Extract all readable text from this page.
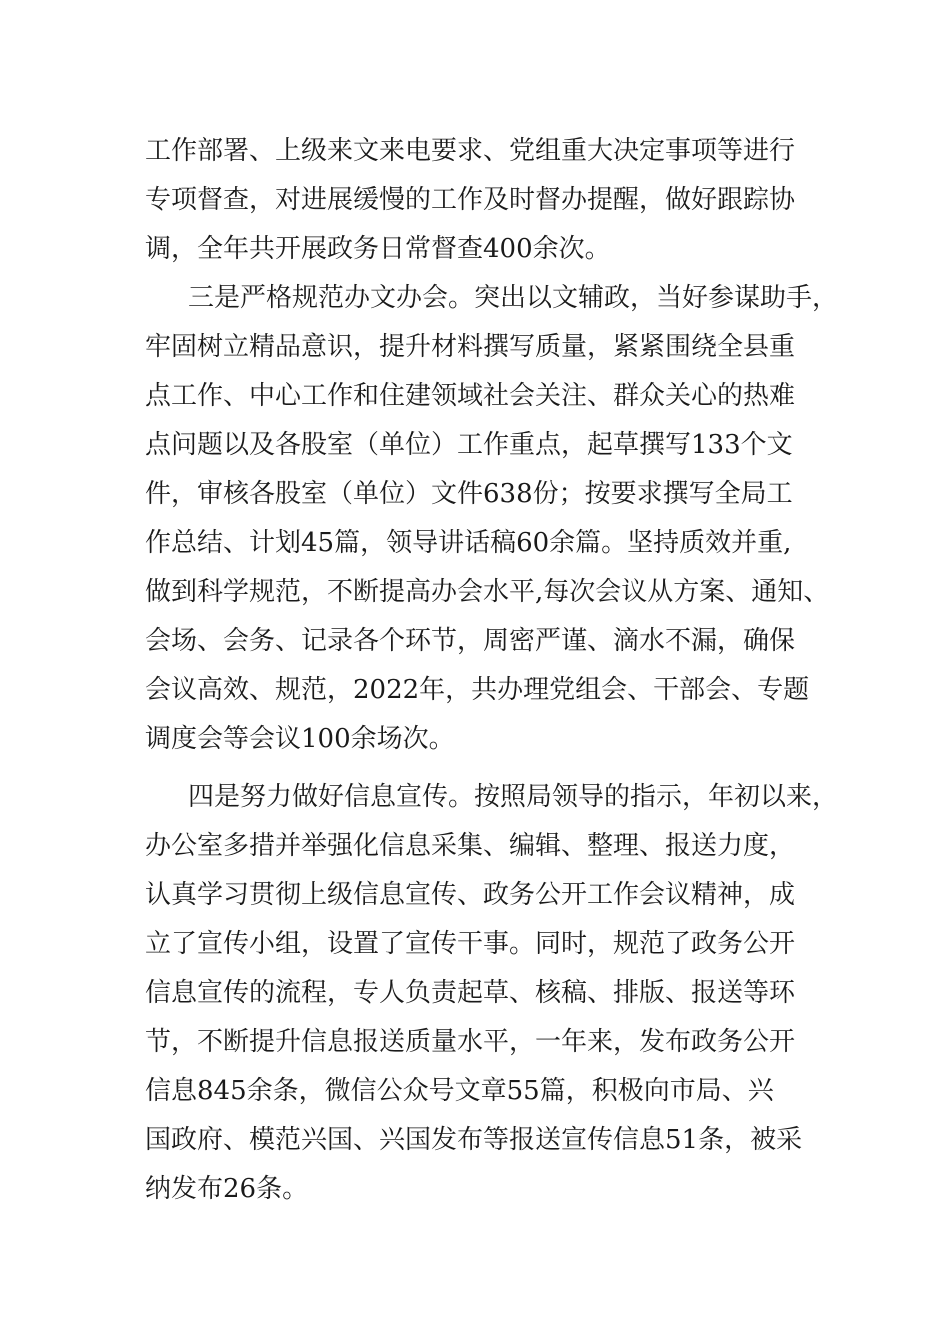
工作部署、上级来文来电要求、党组重大决定事项等进行
专项督查，对进展缓慢的工作及时督办提醒，做好跟踪协
调，全年共开展政务日常督查400余次。
三是严格规范办文办会。突出以文辅政，当好参谋助手，
牢固树立精品意识，提升材料撰写质量，紧紧围绕全县重
点工作、中心工作和住建领域社会关注、群众关心的热难
点问题以及各股室（单位）工作重点，起草撰写133个文
件，审核各股室（单位）文件638份；按要求撰写全局工
作总结、计划45篇，领导讲话稿60余篇。坚持质效并重,
做到科学规范，不断提高办会水平,每次会议从方案、通知、
会场、会务、记录各个环节，周密严谨、滴水不漏，确保
会议高效、规范，2022年，共办理党组会、干部会、专题
调度会等会议100余场次。
四是努力做好信息宣传。按照局领导的指示，年初以来，
办公室多措并举强化信息采集、编辑、整理、报送力度，
认真学习贯彻上级信息宣传、政务公开工作会议精神，成
立了宣传小组，设置了宣传干事。同时，规范了政务公开
信息宣传的流程，专人负责起草、核稿、排版、报送等环
节，不断提升信息报送质量水平，一年来，发布政务公开
信息845余条，微信公众号文章55篇，积极向市局、兴
国政府、模范兴国、兴国发布等报送宣传信息51条，被采
纳发布26条。
